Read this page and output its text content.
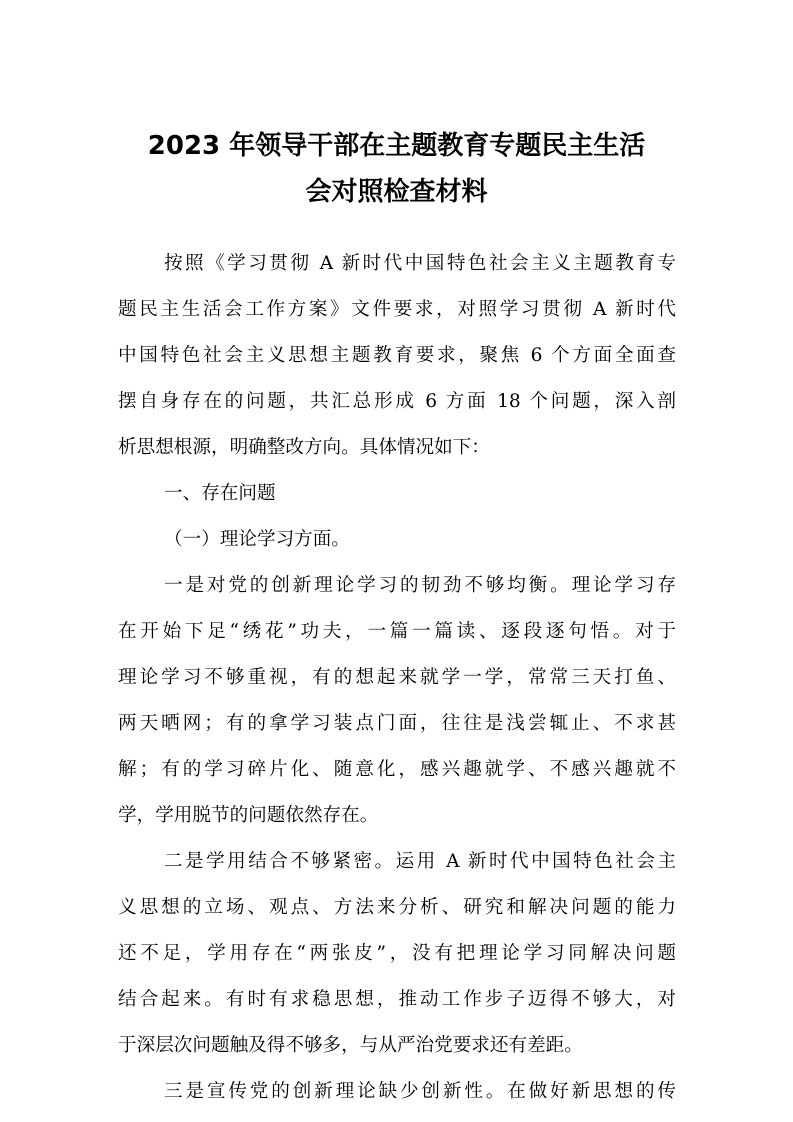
2023 年领导干部在主题教育专题民主生活
会对照检查材料
按照《学习贯彻 A 新时代中国特色社会主义主题教育专
题民主生活会工作方案》文件要求，对照学习贯彻 A 新时代
中国特色社会主义思想主题教育要求，聚焦 6 个方面全面查
摆自身存在的问题，共汇总形成 6 方面 18 个问题，深入剖
析思想根源，明确整改方向。具体情况如下：
一、存在问题
（一）理论学习方面。
一是对党的创新理论学习的韧劲不够均衡。理论学习存
在开始下足“绣花”功夫，一篇一篇读、逐段逐句悟。对于
理论学习不够重视，有的想起来就学一学，常常三天打鱼、
两天晒网；有的拿学习装点门面，往往是浅尝辄止、不求甚
解；有的学习碎片化、随意化，感兴趣就学、不感兴趣就不
学，学用脱节的问题依然存在。
二是学用结合不够紧密。运用 A 新时代中国特色社会主
义思想的立场、观点、方法来分析、研究和解决问题的能力
还不足，学用存在“两张皮”，没有把理论学习同解决问题
结合起来。有时有求稳思想，推动工作步子迈得不够大，对
于深层次问题触及得不够多，与从严治党要求还有差距。
三是宣传党的创新理论缺少创新性。在做好新思想的传
